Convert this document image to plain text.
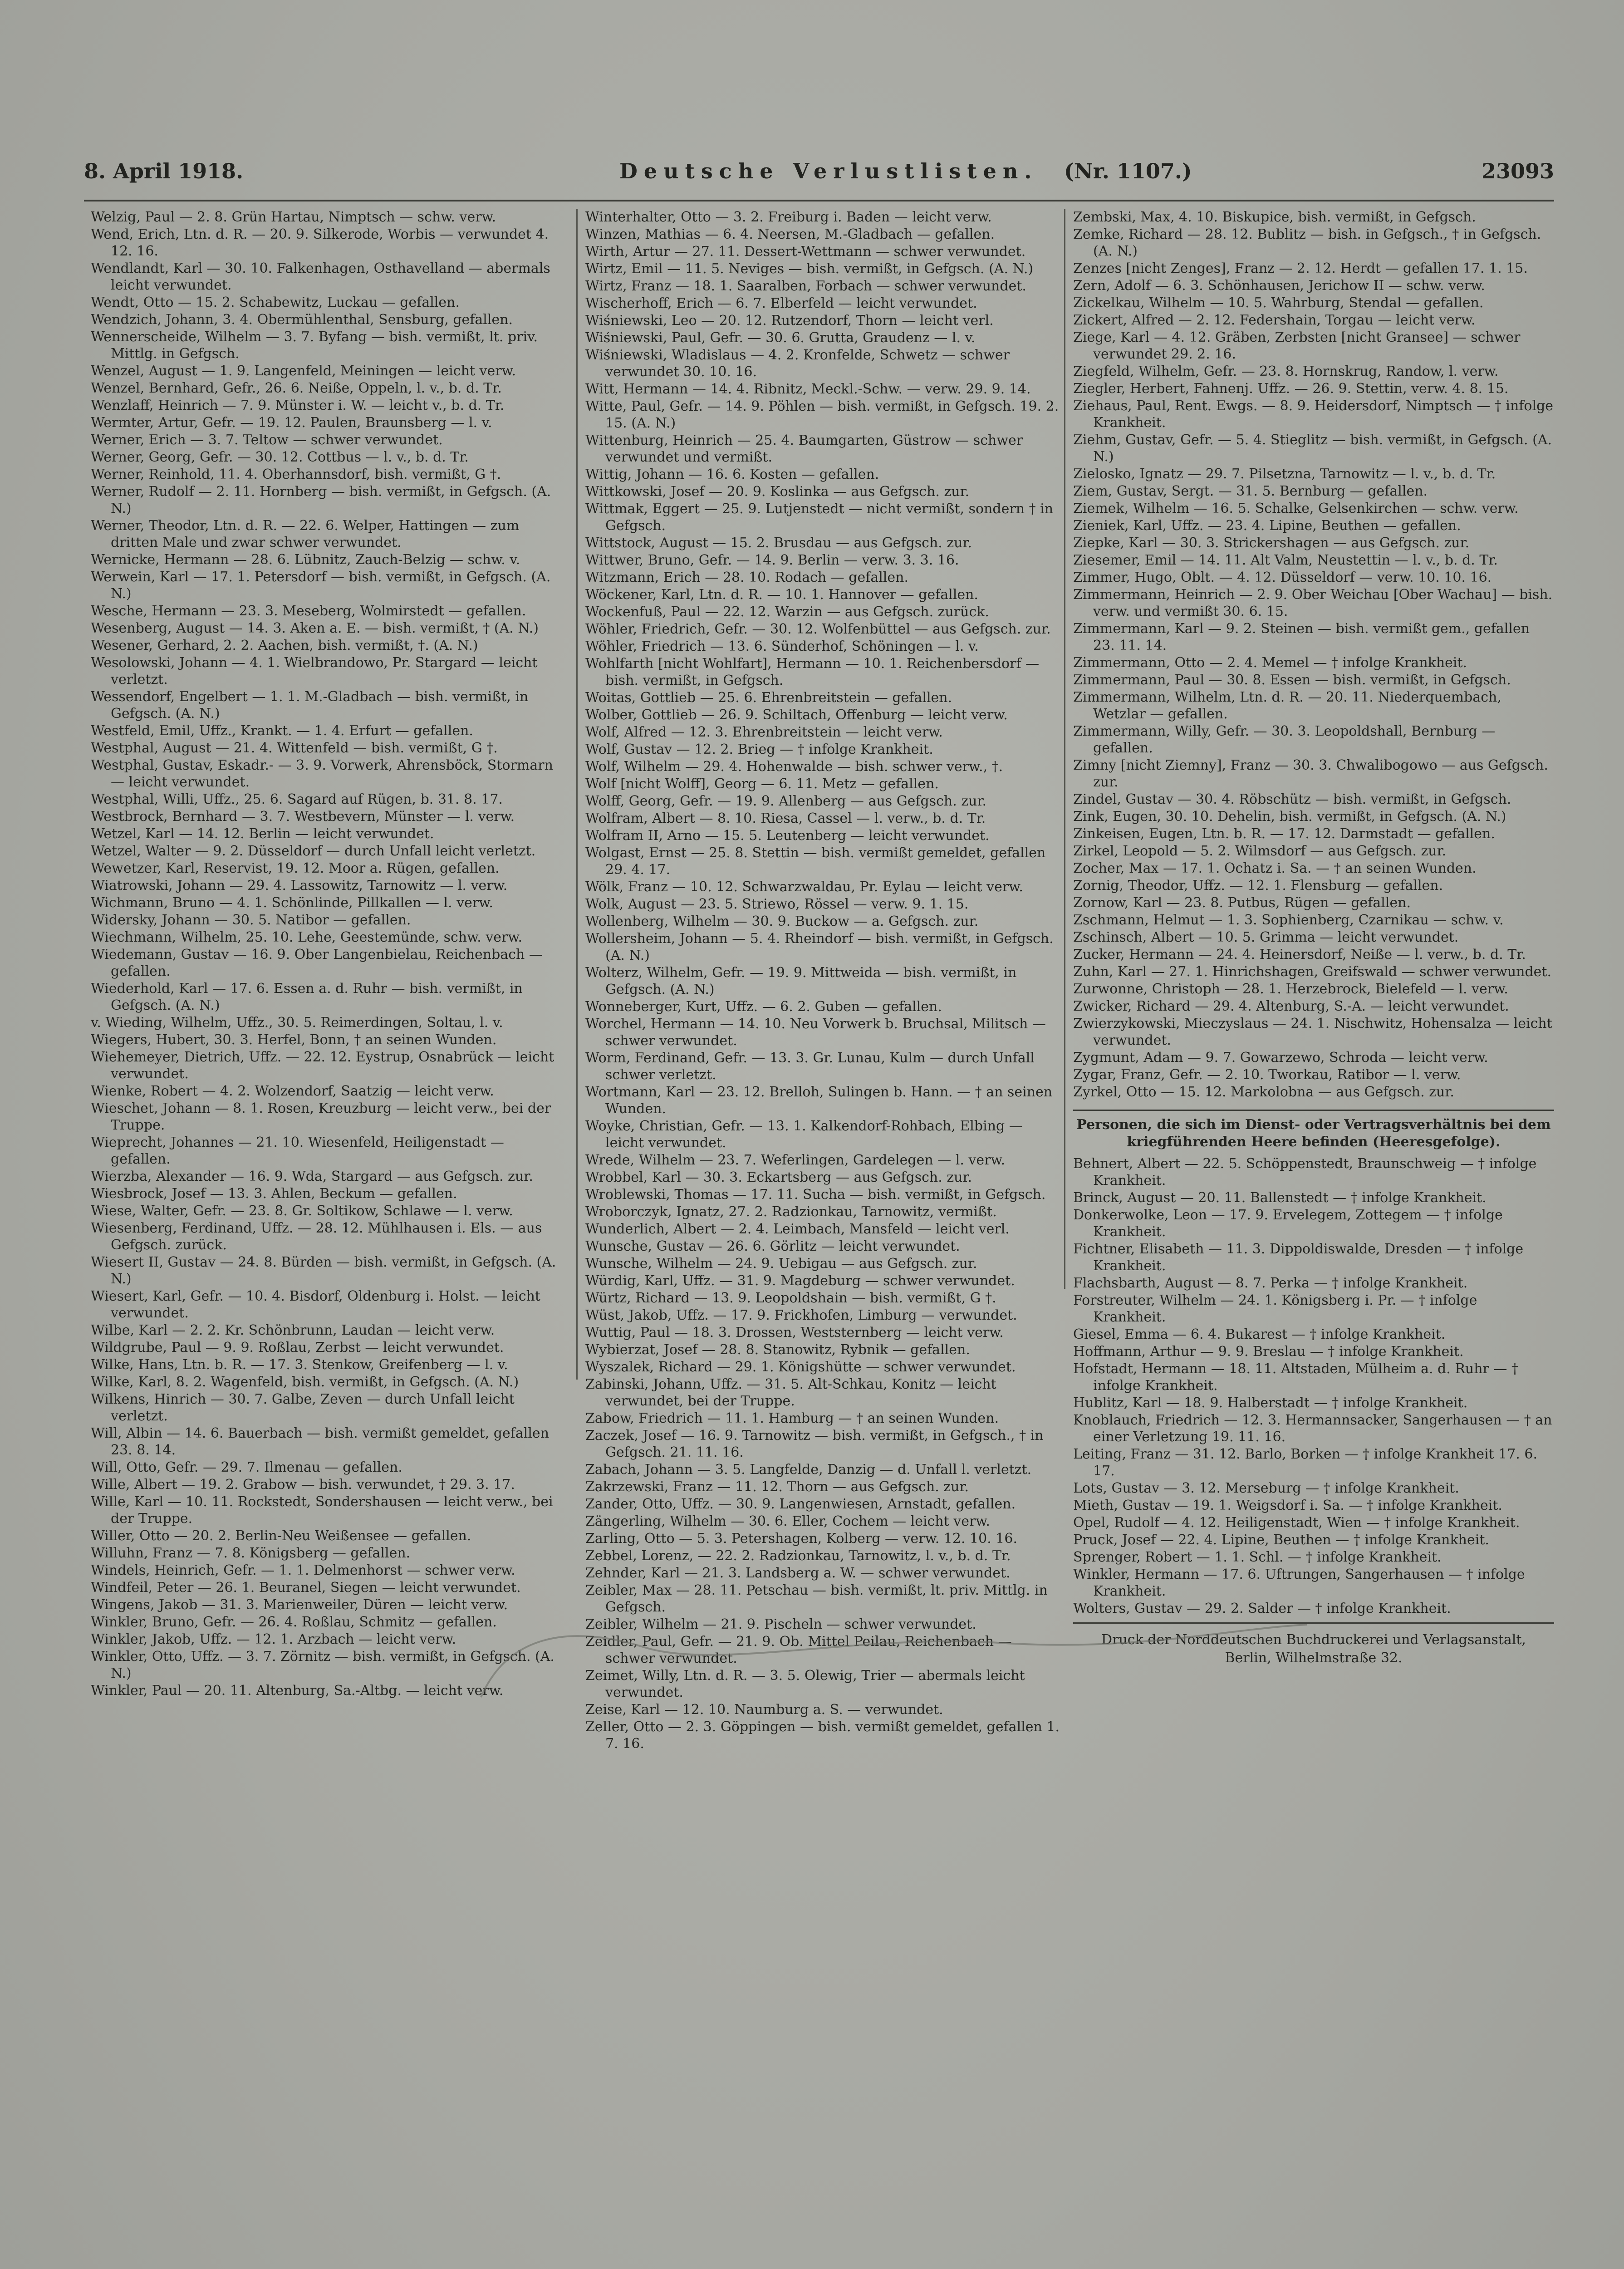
8. April 1918.	Deutsche Verlustlisten. (Nr. 1107.)	23093
Welzig, Paul — 2. 8. Grün Hartau, Nimptsch — schw. verw.
Wend, Erich, Ltn. d. R. — 20. 9. Silkerode, Worbis — verwundet 4. 12. 16.
Wendlandt, Karl — 30. 10. Falkenhagen, Osthavelland — abermals leicht verwundet.
Wendt, Otto — 15. 2. Schabewitz, Luckau — gefallen.
Wendzich, Johann, 3. 4. Obermühlenthal, Sensburg, gefallen.
Wennerscheide, Wilhelm — 3. 7. Byfang — bish. vermißt, lt. priv. Mittlg. in Gefgsch.
Wenzel, August — 1. 9. Langenfeld, Meiningen — leicht verw.
Wenzel, Bernhard, Gefr., 26. 6. Neiße, Oppeln, l. v., b. d. Tr.
Wenzlaff, Heinrich — 7. 9. Münster i. W. — leicht v., b. d. Tr.
Wermter, Artur, Gefr. — 19. 12. Paulen, Braunsberg — l. v.
Werner, Erich — 3. 7. Teltow — schwer verwundet.
Werner, Georg, Gefr. — 30. 12. Cottbus — l. v., b. d. Tr.
Werner, Reinhold, 11. 4. Oberhannsdorf, bish. vermißt, G †.
Werner, Rudolf — 2. 11. Hornberg — bish. vermißt, in Gefgsch. (A. N.)
Werner, Theodor, Ltn. d. R. — 22. 6. Welper, Hattingen — zum dritten Male und zwar schwer verwundet.
Wernicke, Hermann — 28. 6. Lübnitz, Zauch-Belzig — schw. v.
Werwein, Karl — 17. 1. Petersdorf — bish. vermißt, in Gefgsch. (A. N.)
Wesche, Hermann — 23. 3. Meseberg, Wolmirstedt — gefallen.
Wesenberg, August — 14. 3. Aken a. E. — bish. vermißt, † (A. N.)
Wesener, Gerhard, 2. 2. Aachen, bish. vermißt, †. (A. N.)
Wesolowski, Johann — 4. 1. Wielbrandowo, Pr. Stargard — leicht verletzt.
Wessendorf, Engelbert — 1. 1. M.-Gladbach — bish. vermißt, in Gefgsch. (A. N.)
Westfeld, Emil, Uffz., Krankt. — 1. 4. Erfurt — gefallen.
Westphal, August — 21. 4. Wittenfeld — bish. vermißt, G †.
Westphal, Gustav, Eskadr.- — 3. 9. Vorwerk, Ahrensböck, Stormarn — leicht verwundet.
Westphal, Willi, Uffz., 25. 6. Sagard auf Rügen, b. 31. 8. 17.
Westbrock, Bernhard — 3. 7. Westbevern, Münster — l. verw.
Wetzel, Karl — 14. 12. Berlin — leicht verwundet.
Wetzel, Walter — 9. 2. Düsseldorf — durch Unfall leicht verletzt.
Wewetzer, Karl, Reservist, 19. 12. Moor a. Rügen, gefallen.
Wiatrowski, Johann — 29. 4. Lassowitz, Tarnowitz — l. verw.
Wichmann, Bruno — 4. 1. Schönlinde, Pillkallen — l. verw.
Widersky, Johann — 30. 5. Natibor — gefallen.
Wiechmann, Wilhelm, 25. 10. Lehe, Geestemünde, schw. verw.
Wiedemann, Gustav — 16. 9. Ober Langenbielau, Reichenbach — gefallen.
Wiederhold, Karl — 17. 6. Essen a. d. Ruhr — bish. vermißt, in Gefgsch. (A. N.)
v. Wieding, Wilhelm, Uffz., 30. 5. Reimerdingen, Soltau, l. v.
Wiegers, Hubert, 30. 3. Herfel, Bonn, † an seinen Wunden.
Wiehemeyer, Dietrich, Uffz. — 22. 12. Eystrup, Osnabrück — leicht verwundet.
Wienke, Robert — 4. 2. Wolzendorf, Saatzig — leicht verw.
Wieschet, Johann — 8. 1. Rosen, Kreuzburg — leicht verw., bei der Truppe.
Wieprecht, Johannes — 21. 10. Wiesenfeld, Heiligenstadt — gefallen.
Wierzba, Alexander — 16. 9. Wda, Stargard — aus Gefgsch. zur.
Wiesbrock, Josef — 13. 3. Ahlen, Beckum — gefallen.
Wiese, Walter, Gefr. — 23. 8. Gr. Soltikow, Schlawe — l. verw.
Wiesenberg, Ferdinand, Uffz. — 28. 12. Mühlhausen i. Els. — aus Gefgsch. zurück.
Wiesert II, Gustav — 24. 8. Bürden — bish. vermißt, in Gefgsch. (A. N.)
Wiesert, Karl, Gefr. — 10. 4. Bisdorf, Oldenburg i. Holst. — leicht verwundet.
Wilbe, Karl — 2. 2. Kr. Schönbrunn, Laudan — leicht verw.
Wildgrube, Paul — 9. 9. Roßlau, Zerbst — leicht verwundet.
Wilke, Hans, Ltn. b. R. — 17. 3. Stenkow, Greifenberg — l. v.
Wilke, Karl, 8. 2. Wagenfeld, bish. vermißt, in Gefgsch. (A. N.)
Wilkens, Hinrich — 30. 7. Galbe, Zeven — durch Unfall leicht verletzt.
Will, Albin — 14. 6. Bauerbach — bish. vermißt gemeldet, gefallen 23. 8. 14.
Will, Otto, Gefr. — 29. 7. Ilmenau — gefallen.
Wille, Albert — 19. 2. Grabow — bish. verwundet, † 29. 3. 17.
Wille, Karl — 10. 11. Rockstedt, Sondershausen — leicht verw., bei der Truppe.
Willer, Otto — 20. 2. Berlin-Neu Weißensee — gefallen.
Willuhn, Franz — 7. 8. Königsberg — gefallen.
Windels, Heinrich, Gefr. — 1. 1. Delmenhorst — schwer verw.
Windfeil, Peter — 26. 1. Beuranel, Siegen — leicht verwundet.
Wingens, Jakob — 31. 3. Marienweiler, Düren — leicht verw.
Winkler, Bruno, Gefr. — 26. 4. Roßlau, Schmitz — gefallen.
Winkler, Jakob, Uffz. — 12. 1. Arzbach — leicht verw.
Winkler, Otto, Uffz. — 3. 7. Zörnitz — bish. vermißt, in Gefgsch. (A. N.)
Winkler, Paul — 20. 11. Altenburg, Sa.-Altbg. — leicht verw.
Winterhalter, Otto — 3. 2. Freiburg i. Baden — leicht verw.
Winzen, Mathias — 6. 4. Neersen, M.-Gladbach — gefallen.
Wirth, Artur — 27. 11. Dessert-Wettmann — schwer verwundet.
Wirtz, Emil — 11. 5. Neviges — bish. vermißt, in Gefgsch. (A. N.)
Wirtz, Franz — 18. 1. Saaralben, Forbach — schwer verwundet.
Wischerhoff, Erich — 6. 7. Elberfeld — leicht verwundet.
Wiśniewski, Leo — 20. 12. Rutzendorf, Thorn — leicht verl.
Wiśniewski, Paul, Gefr. — 30. 6. Grutta, Graudenz — l. v.
Wiśniewski, Wladislaus — 4. 2. Kronfelde, Schwetz — schwer verwundet 30. 10. 16.
Witt, Hermann — 14. 4. Ribnitz, Meckl.-Schw. — verw. 29. 9. 14.
Witte, Paul, Gefr. — 14. 9. Pöhlen — bish. vermißt, in Gefgsch. 19. 2. 15. (A. N.)
Wittenburg, Heinrich — 25. 4. Baumgarten, Güstrow — schwer verwundet und vermißt.
Wittig, Johann — 16. 6. Kosten — gefallen.
Wittkowski, Josef — 20. 9. Koslinka — aus Gefgsch. zur.
Wittmak, Eggert — 25. 9. Lutjenstedt — nicht vermißt, sondern † in Gefgsch.
Wittstock, August — 15. 2. Brusdau — aus Gefgsch. zur.
Wittwer, Bruno, Gefr. — 14. 9. Berlin — verw. 3. 3. 16.
Witzmann, Erich — 28. 10. Rodach — gefallen.
Wöckener, Karl, Ltn. d. R. — 10. 1. Hannover — gefallen.
Wockenfuß, Paul — 22. 12. Warzin — aus Gefgsch. zurück.
Wöhler, Friedrich, Gefr. — 30. 12. Wolfenbüttel — aus Gefgsch. zur.
Wöhler, Friedrich — 13. 6. Sünderhof, Schöningen — l. v.
Wohlfarth [nicht Wohlfart], Hermann — 10. 1. Reichenbersdorf — bish. vermißt, in Gefgsch.
Woitas, Gottlieb — 25. 6. Ehrenbreitstein — gefallen.
Wolber, Gottlieb — 26. 9. Schiltach, Offenburg — leicht verw.
Wolf, Alfred — 12. 3. Ehrenbreitstein — leicht verw.
Wolf, Gustav — 12. 2. Brieg — † infolge Krankheit.
Wolf, Wilhelm — 29. 4. Hohenwalde — bish. schwer verw., †.
Wolf [nicht Wolff], Georg — 6. 11. Metz — gefallen.
Wolff, Georg, Gefr. — 19. 9. Allenberg — aus Gefgsch. zur.
Wolfram, Albert — 8. 10. Riesa, Cassel — l. verw., b. d. Tr.
Wolfram II, Arno — 15. 5. Leutenberg — leicht verwundet.
Wolgast, Ernst — 25. 8. Stettin — bish. vermißt gemeldet, gefallen 29. 4. 17.
Wölk, Franz — 10. 12. Schwarzwaldau, Pr. Eylau — leicht verw.
Wolk, August — 23. 5. Striewo, Rössel — verw. 9. 1. 15.
Wollenberg, Wilhelm — 30. 9. Buckow — a. Gefgsch. zur.
Wollersheim, Johann — 5. 4. Rheindorf — bish. vermißt, in Gefgsch. (A. N.)
Wolterz, Wilhelm, Gefr. — 19. 9. Mittweida — bish. vermißt, in Gefgsch. (A. N.)
Wonneberger, Kurt, Uffz. — 6. 2. Guben — gefallen.
Worchel, Hermann — 14. 10. Neu Vorwerk b. Bruchsal, Militsch — schwer verwundet.
Worm, Ferdinand, Gefr. — 13. 3. Gr. Lunau, Kulm — durch Unfall schwer verletzt.
Wortmann, Karl — 23. 12. Brelloh, Sulingen b. Hann. — † an seinen Wunden.
Woyke, Christian, Gefr. — 13. 1. Kalkendorf-Rohbach, Elbing — leicht verwundet.
Wrede, Wilhelm — 23. 7. Weferlingen, Gardelegen — l. verw.
Wrobbel, Karl — 30. 3. Eckartsberg — aus Gefgsch. zur.
Wroblewski, Thomas — 17. 11. Sucha — bish. vermißt, in Gefgsch.
Wroborczyk, Ignatz, 27. 2. Radzionkau, Tarnowitz, vermißt.
Wunderlich, Albert — 2. 4. Leimbach, Mansfeld — leicht verl.
Wunsche, Gustav — 26. 6. Görlitz — leicht verwundet.
Wunsche, Wilhelm — 24. 9. Uebigau — aus Gefgsch. zur.
Würdig, Karl, Uffz. — 31. 9. Magdeburg — schwer verwundet.
Würtz, Richard — 13. 9. Leopoldshain — bish. vermißt, G †.
Wüst, Jakob, Uffz. — 17. 9. Frickhofen, Limburg — verwundet.
Wuttig, Paul — 18. 3. Drossen, Weststernberg — leicht verw.
Wybierzat, Josef — 28. 8. Stanowitz, Rybnik — gefallen.
Wyszalek, Richard — 29. 1. Königshütte — schwer verwundet.
Zabinski, Johann, Uffz. — 31. 5. Alt-Schkau, Konitz — leicht verwundet, bei der Truppe.
Zabow, Friedrich — 11. 1. Hamburg — † an seinen Wunden.
Zaczek, Josef — 16. 9. Tarnowitz — bish. vermißt, in Gefgsch., † in Gefgsch. 21. 11. 16.
Zabach, Johann — 3. 5. Langfelde, Danzig — d. Unfall l. verletzt.
Zakrzewski, Franz — 11. 12. Thorn — aus Gefgsch. zur.
Zander, Otto, Uffz. — 30. 9. Langenwiesen, Arnstadt, gefallen.
Zängerling, Wilhelm — 30. 6. Eller, Cochem — leicht verw.
Zarling, Otto — 5. 3. Petershagen, Kolberg — verw. 12. 10. 16.
Zebbel, Lorenz, — 22. 2. Radzionkau, Tarnowitz, l. v., b. d. Tr.
Zehnder, Karl — 21. 3. Landsberg a. W. — schwer verwundet.
Zeibler, Max — 28. 11. Petschau — bish. vermißt, lt. priv. Mittlg. in Gefgsch.
Zeibler, Wilhelm — 21. 9. Pischeln — schwer verwundet.
Zeidler, Paul, Gefr. — 21. 9. Ob. Mittel Peilau, Reichenbach — schwer verwundet.
Zeimet, Willy, Ltn. d. R. — 3. 5. Olewig, Trier — abermals leicht verwundet.
Zeise, Karl — 12. 10. Naumburg a. S. — verwundet.
Zeller, Otto — 2. 3. Göppingen — bish. vermißt gemeldet, gefallen 1. 7. 16.
Zembski, Max, 4. 10. Biskupice, bish. vermißt, in Gefgsch.
Zemke, Richard — 28. 12. Bublitz — bish. in Gefgsch., † in Gefgsch. (A. N.)
Zenzes [nicht Zenges], Franz — 2. 12. Herdt — gefallen 17. 1. 15.
Zern, Adolf — 6. 3. Schönhausen, Jerichow II — schw. verw.
Zickelkau, Wilhelm — 10. 5. Wahrburg, Stendal — gefallen.
Zickert, Alfred — 2. 12. Federshain, Torgau — leicht verw.
Ziege, Karl — 4. 12. Gräben, Zerbsten [nicht Gransee] — schwer verwundet 29. 2. 16.
Ziegfeld, Wilhelm, Gefr. — 23. 8. Hornskrug, Randow, l. verw.
Ziegler, Herbert, Fahnenj. Uffz. — 26. 9. Stettin, verw. 4. 8. 15.
Ziehaus, Paul, Rent. Ewgs. — 8. 9. Heidersdorf, Nimptsch — † infolge Krankheit.
Ziehm, Gustav, Gefr. — 5. 4. Stieglitz — bish. vermißt, in Gefgsch. (A. N.)
Zielosko, Ignatz — 29. 7. Pilsetzna, Tarnowitz — l. v., b. d. Tr.
Ziem, Gustav, Sergt. — 31. 5. Bernburg — gefallen.
Ziemek, Wilhelm — 16. 5. Schalke, Gelsenkirchen — schw. verw.
Zieniek, Karl, Uffz. — 23. 4. Lipine, Beuthen — gefallen.
Ziepke, Karl — 30. 3. Strickershagen — aus Gefgsch. zur.
Ziesemer, Emil — 14. 11. Alt Valm, Neustettin — l. v., b. d. Tr.
Zimmer, Hugo, Oblt. — 4. 12. Düsseldorf — verw. 10. 10. 16.
Zimmermann, Heinrich — 2. 9. Ober Weichau [Ober Wachau] — bish. verw. und vermißt 30. 6. 15.
Zimmermann, Karl — 9. 2. Steinen — bish. vermißt gem., gefallen 23. 11. 14.
Zimmermann, Otto — 2. 4. Memel — † infolge Krankheit.
Zimmermann, Paul — 30. 8. Essen — bish. vermißt, in Gefgsch.
Zimmermann, Wilhelm, Ltn. d. R. — 20. 11. Niederquembach, Wetzlar — gefallen.
Zimmermann, Willy, Gefr. — 30. 3. Leopoldshall, Bernburg — gefallen.
Zimny [nicht Ziemny], Franz — 30. 3. Chwalibogowo — aus Gefgsch. zur.
Zindel, Gustav — 30. 4. Röbschütz — bish. vermißt, in Gefgsch.
Zink, Eugen, 30. 10. Dehelin, bish. vermißt, in Gefgsch. (A. N.)
Zinkeisen, Eugen, Ltn. b. R. — 17. 12. Darmstadt — gefallen.
Zirkel, Leopold — 5. 2. Wilmsdorf — aus Gefgsch. zur.
Zocher, Max — 17. 1. Ochatz i. Sa. — † an seinen Wunden.
Zornig, Theodor, Uffz. — 12. 1. Flensburg — gefallen.
Zornow, Karl — 23. 8. Putbus, Rügen — gefallen.
Zschmann, Helmut — 1. 3. Sophienberg, Czarnikau — schw. v.
Zschinsch, Albert — 10. 5. Grimma — leicht verwundet.
Zucker, Hermann — 24. 4. Heinersdorf, Neiße — l. verw., b. d. Tr.
Zuhn, Karl — 27. 1. Hinrichshagen, Greifswald — schwer verwundet.
Zurwonne, Christoph — 28. 1. Herzebrock, Bielefeld — l. verw.
Zwicker, Richard — 29. 4. Altenburg, S.-A. — leicht verwundet.
Zwierzykowski, Mieczyslaus — 24. 1. Nischwitz, Hohensalza — leicht verwundet.
Zygmunt, Adam — 9. 7. Gowarzewo, Schroda — leicht verw.
Zygar, Franz, Gefr. — 2. 10. Tworkau, Ratibor — l. verw.
Zyrkel, Otto — 15. 12. Markolobna — aus Gefgsch. zur.
Personen, die sich im Dienst- oder Vertragsverhältnis bei dem kriegführenden Heere befinden (Heeresgefolge).
Behnert, Albert — 22. 5. Schöppenstedt, Braunschweig — † infolge Krankheit.
Brinck, August — 20. 11. Ballenstedt — † infolge Krankheit.
Donkerwolke, Leon — 17. 9. Ervelegem, Zottegem — † infolge Krankheit.
Fichtner, Elisabeth — 11. 3. Dippoldiswalde, Dresden — † infolge Krankheit.
Flachsbarth, August — 8. 7. Perka — † infolge Krankheit.
Forstreuter, Wilhelm — 24. 1. Königsberg i. Pr. — † infolge Krankheit.
Giesel, Emma — 6. 4. Bukarest — † infolge Krankheit.
Hoffmann, Arthur — 9. 9. Breslau — † infolge Krankheit.
Hofstadt, Hermann — 18. 11. Altstaden, Mülheim a. d. Ruhr — † infolge Krankheit.
Hublitz, Karl — 18. 9. Halberstadt — † infolge Krankheit.
Knoblauch, Friedrich — 12. 3. Hermannsacker, Sangerhausen — † an einer Verletzung 19. 11. 16.
Leiting, Franz — 31. 12. Barlo, Borken — † infolge Krankheit 17. 6. 17.
Lots, Gustav — 3. 12. Merseburg — † infolge Krankheit.
Mieth, Gustav — 19. 1. Weigsdorf i. Sa. — † infolge Krankheit.
Opel, Rudolf — 4. 12. Heiligenstadt, Wien — † infolge Krankheit.
Pruck, Josef — 22. 4. Lipine, Beuthen — † infolge Krankheit.
Sprenger, Robert — 1. 1. Schl. — † infolge Krankheit.
Winkler, Hermann — 17. 6. Uftrungen, Sangerhausen — † infolge Krankheit.
Wolters, Gustav — 29. 2. Salder — † infolge Krankheit.
Druck der Norddeutschen Buchdruckerei und Verlagsanstalt,
Berlin, Wilhelmstraße 32.
